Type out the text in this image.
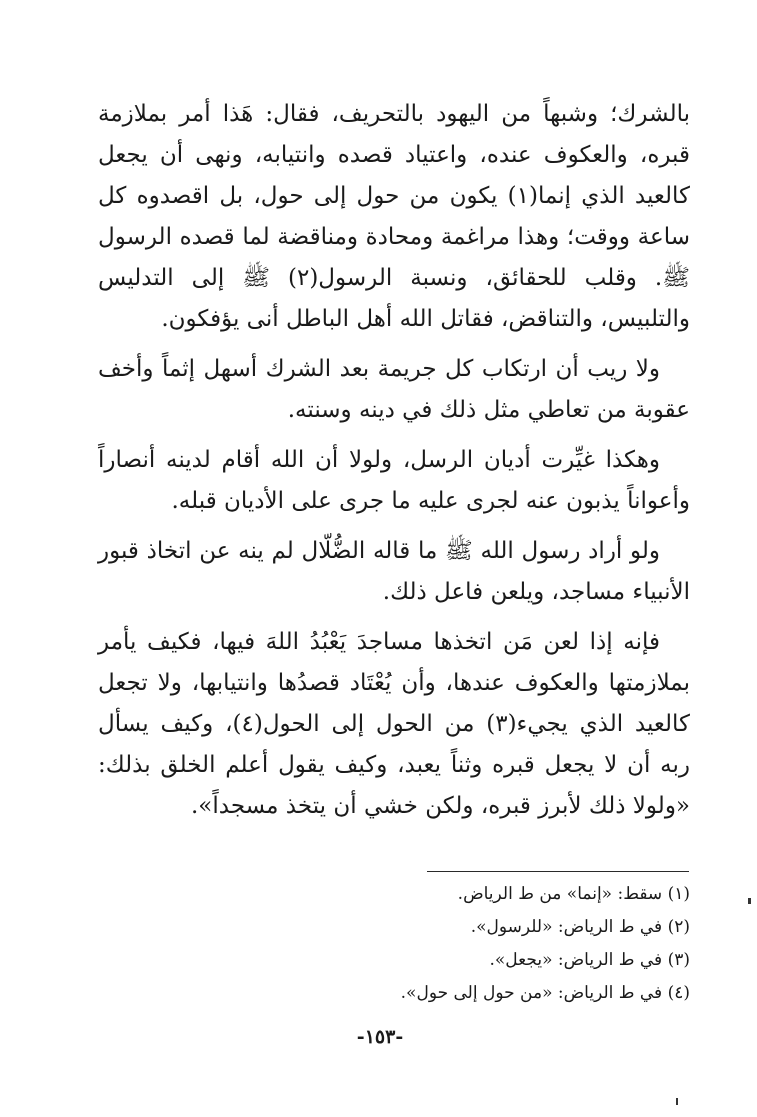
بالشرك؛ وشبهاً من اليهود بالتحريف، فقال: هَذا أمر بملازمة قبره، والعكوف عنده، واعتياد قصده وانتيابه، ونهى أن يجعل كالعيد الذي إنما(١) يكون من حول إلى حول، بل اقصدوه كل ساعة ووقت؛ وهذا مراغمة ومحادة ومناقضة لما قصده الرسول ﷺ. وقلب للحقائق، ونسبة الرسول(٢) ﷺ إلى التدليس والتلبيس، والتناقض، فقاتل الله أهل الباطل أنى يؤفكون.

ولا ريب أن ارتكاب كل جريمة بعد الشرك أسهل إثماً وأخف عقوبة من تعاطي مثل ذلك في دينه وسنته.

وهكذا غيِّرت أديان الرسل، ولولا أن الله أقام لدينه أنصاراً وأعواناً يذبون عنه لجرى عليه ما جرى على الأديان قبله.

ولو أراد رسول الله ﷺ ما قاله الضُّلّال لم ينه عن اتخاذ قبور الأنبياء مساجد، ويلعن فاعل ذلك.

فإنه إذا لعن مَن اتخذها مساجدَ يَعْبُدُ اللهَ فيها، فكيف يأمر بملازمتها والعكوف عندها، وأن يُعْتَاد قصدُها وانتيابها، ولا تجعل كالعيد الذي يجيء(٣) من الحول إلى الحول(٤)، وكيف يسأل ربه أن لا يجعل قبره وثناً يعبد، وكيف يقول أعلم الخلق بذلك: «ولولا ذلك لأبرز قبره، ولكن خشي أن يتخذ مسجداً».

(١) سقط: «إنما» من ط الرياض.

(٢) في ط الرياض: «للرسول».

(٣) في ط الرياض: «يجعل».

(٤) في ط الرياض: «من حول إلى حول».

-١٥٣-
